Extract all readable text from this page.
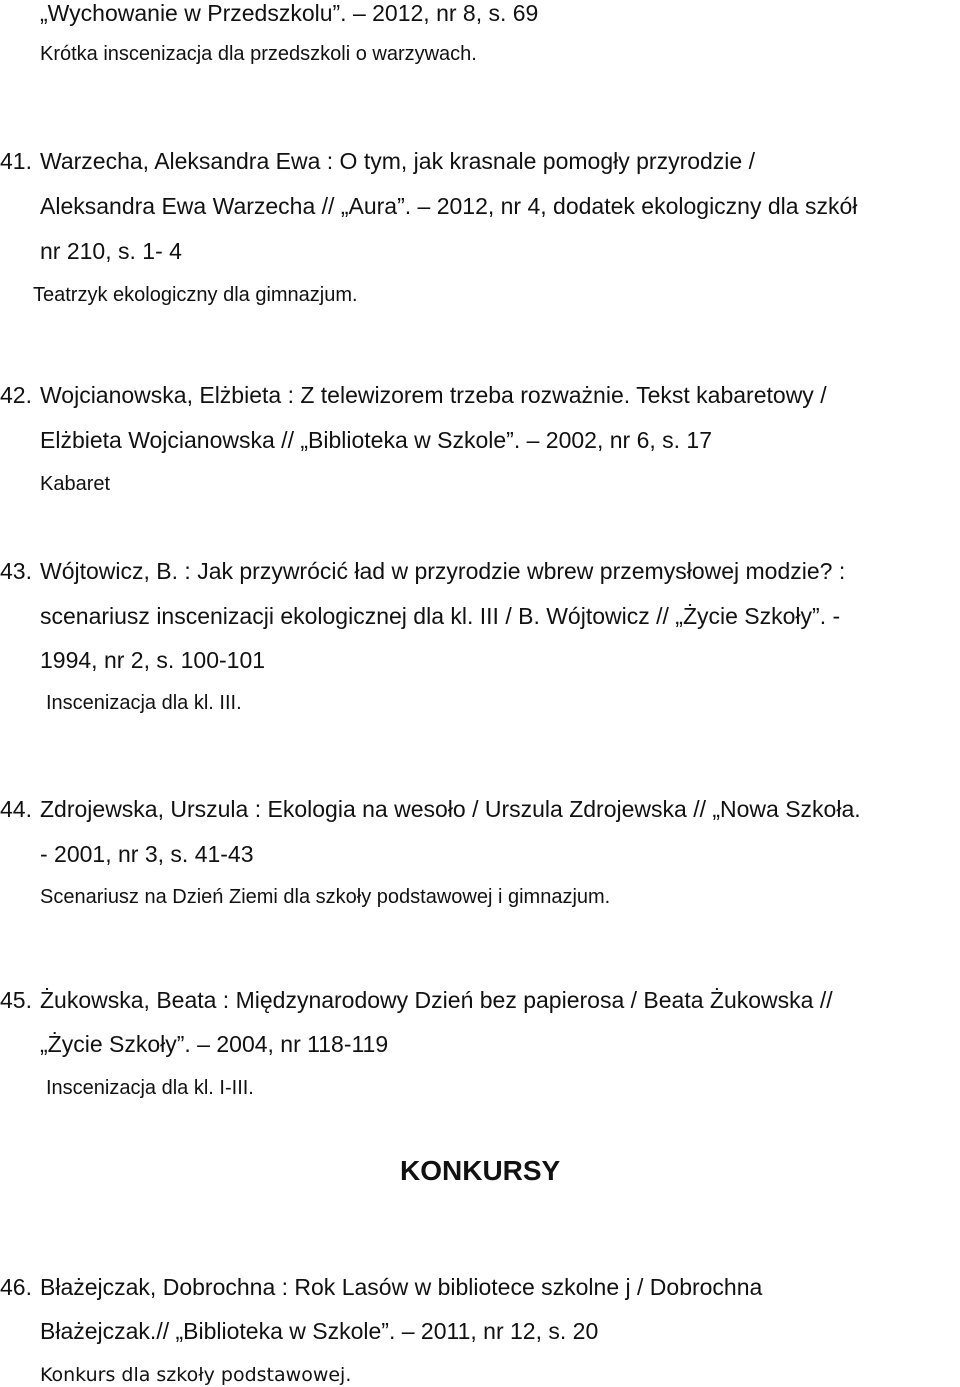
„Wychowanie w Przedszkolu”. – 2012, nr 8, s. 69
Krótka inscenizacja dla przedszkoli o warzywach.
41. Warzecha, Aleksandra Ewa : O tym, jak krasnale pomogły przyrodzie /
Aleksandra Ewa Warzecha // „Aura”. – 2012, nr 4, dodatek ekologiczny dla szkół
nr 210, s. 1- 4
Teatrzyk ekologiczny dla gimnazjum.
42. Wojcianowska, Elżbieta : Z telewizorem trzeba rozważnie. Tekst kabaretowy /
Elżbieta Wojcianowska // „Biblioteka w Szkole”. – 2002, nr 6, s. 17
Kabaret
43. Wójtowicz, B. : Jak przywrócić ład w przyrodzie wbrew przemysłowej modzie? :
scenariusz inscenizacji ekologicznej dla kl. III / B. Wójtowicz // „Życie Szkoły”. -
1994, nr 2, s. 100-101
Inscenizacja dla kl. III.
44. Zdrojewska, Urszula : Ekologia na wesoło / Urszula Zdrojewska // „Nowa Szkoła.
- 2001, nr 3, s. 41-43
Scenariusz na Dzień Ziemi dla szkoły podstawowej i gimnazjum.
45. Żukowska, Beata : Międzynarodowy Dzień bez papierosa / Beata Żukowska //
„Życie Szkoły”. – 2004, nr 118-119
Inscenizacja dla kl. I-III.
KONKURSY
46. Błażejczak, Dobrochna : Rok Lasów w bibliotece szkolne j / Dobrochna
Błażejczak.// „Biblioteka w Szkole”. – 2011, nr 12, s. 20
Konkurs dla szkoły podstawowej.
